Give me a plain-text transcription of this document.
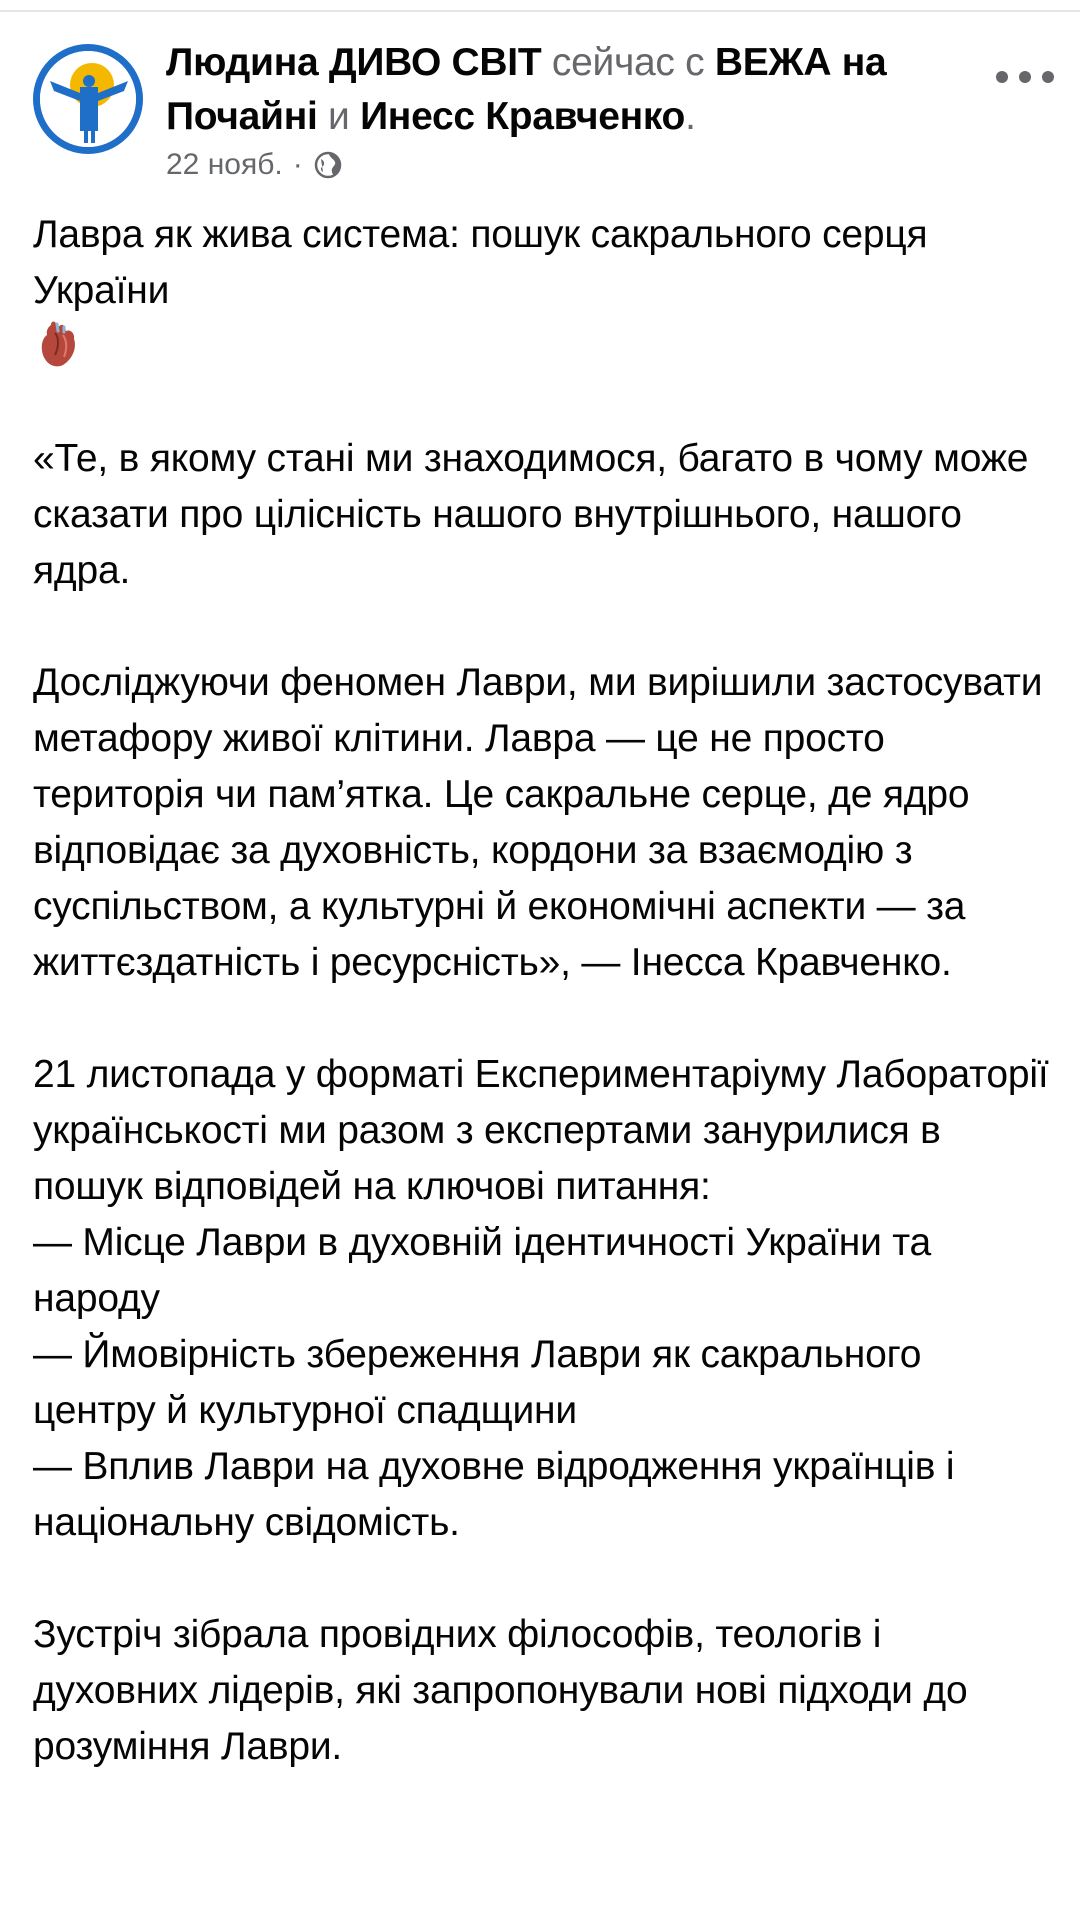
Людина ДИВО СВІТ сейчас с ВЕЖА на Почайні и Инесс Кравченко.
22 нояб. ·
Лавра як жива система: пошук сакрального серця України

«Те, в якому стані ми знаходимося, багато в чому може сказати про цілісність нашого внутрішнього, нашого ядра.
Досліджуючи феномен Лаври, ми вирішили застосувати метафору живої клітини. Лавра — це не просто територія чи пам’ятка. Це сакральне серце, де ядро відповідає за духовність, кордони за взаємодію з суспільством, а культурні й економічні аспекти — за життєздатність і ресурсність», — Інесса Кравченко.
21 листопада у форматі Експериментаріуму Лабораторії українськості ми разом з експертами занурилися в пошук відповідей на ключові питання:
— Місце Лаври в духовній ідентичності України та народу
— Ймовірність збереження Лаври як сакрального центру й культурної спадщини
— Вплив Лаври на духовне відродження українців і національну свідомість.
Зустріч зібрала провідних філософів, теологів і духовних лідерів, які запропонували нові підходи до розуміння Лаври.
